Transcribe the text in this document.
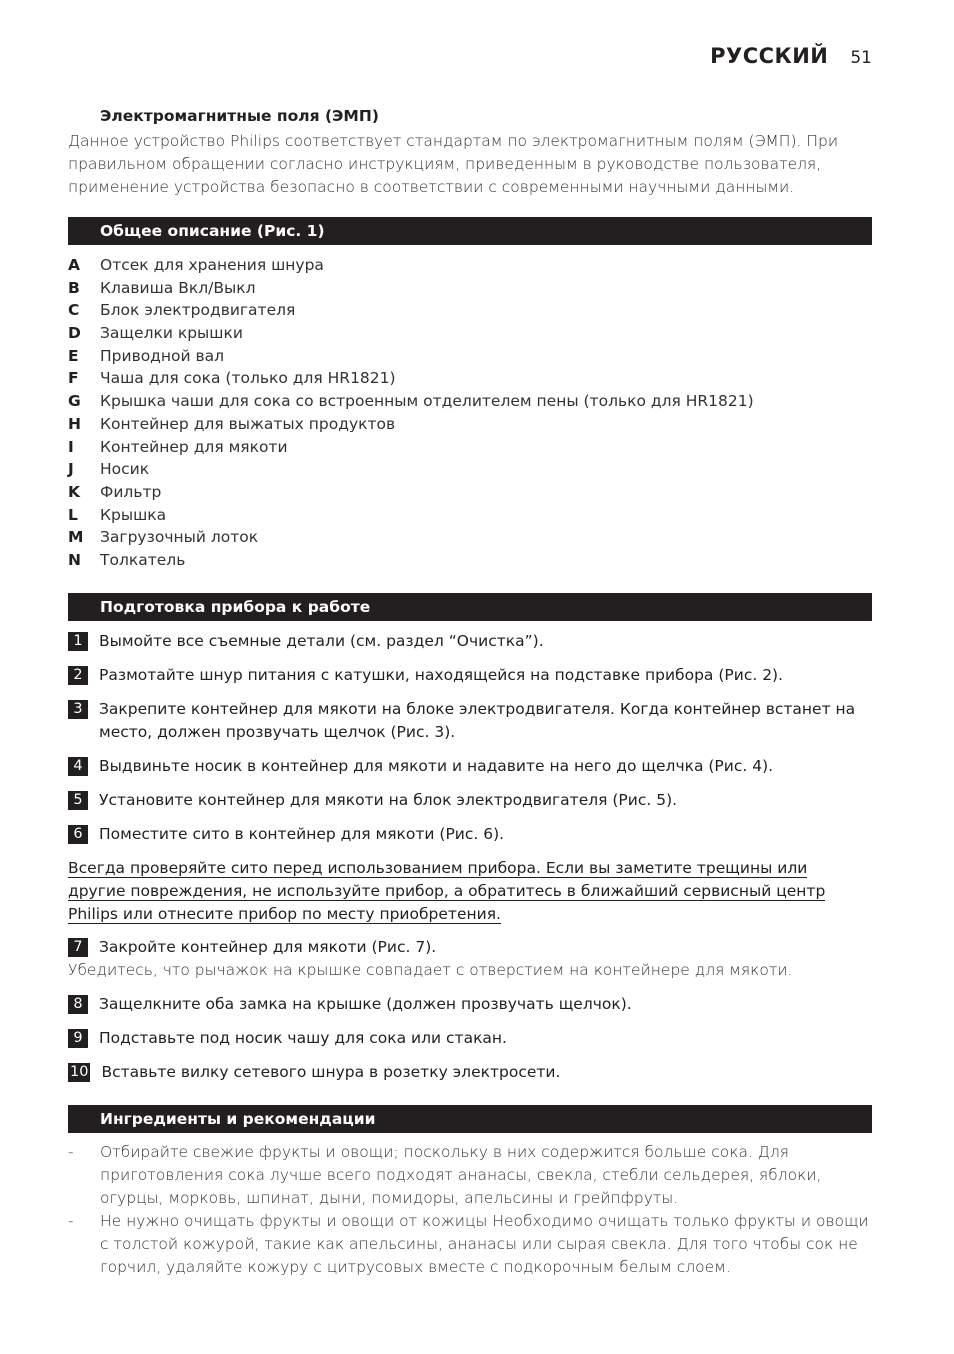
РУССКИЙ 51
Электромагнитные поля (ЭМП)
Данное устройство Philips соответствует стандартам по электромагнитным полям (ЭМП). При правильном обращении согласно инструкциям, приведенным в руководстве пользователя, применение устройства безопасно в соответствии с современными научными данными.
Общее описание (Рис. 1)
A	Отсек для хранения шнура
B	Клавиша Вкл/Выкл
C	Блок электродвигателя
D	Защелки крышки
E	Приводной вал
F	Чаша для сока (только для HR1821)
G	Крышка чаши для сока со встроенным отделителем пены (только для HR1821)
H	Контейнер для выжатых продуктов
I	Контейнер для мякоти
J	Носик
K	Фильтр
L	Крышка
M	Загрузочный лоток
N	Толкатель
Подготовка прибора к работе
1	Вымойте все съемные детали (см. раздел “Очистка”).
2	Размотайте шнур питания с катушки, находящейся на подставке прибора (Рис. 2).
3	Закрепите контейнер для мякоти на блоке электродвигателя. Когда контейнер встанет на место, должен прозвучать щелчок (Рис. 3).
4	Выдвиньте носик в контейнер для мякоти и надавите на него до щелчка (Рис. 4).
5	Установите контейнер для мякоти на блок электродвигателя (Рис. 5).
6	Поместите сито в контейнер для мякоти (Рис. 6).
Всегда проверяйте сито перед использованием прибора. Если вы заметите трещины или другие повреждения, не используйте прибор, а обратитесь в ближайший сервисный центр Philips или отнесите прибор по месту приобретения.
7	Закройте контейнер для мякоти (Рис. 7).
Убедитесь, что рычажок на крышке совпадает с отверстием на контейнере для мякоти.
8	Защелкните оба замка на крышке (должен прозвучать щелчок).
9	Подставьте под носик чашу для сока или стакан.
10 Вставьте вилку сетевого шнура в розетку электросети.
Ингредиенты и рекомендации
-	Отбирайте свежие фрукты и овощи; поскольку в них содержится больше сока. Для приготовления сока лучше всего подходят ананасы, свекла, стебли сельдерея, яблоки, огурцы, морковь, шпинат, дыни, помидоры, апельсины и грейпфруты.
-	Не нужно очищать фрукты и овощи от кожицы Необходимо очищать только фрукты и овощи с толстой кожурой, такие как апельсины, ананасы или сырая свекла. Для того чтобы сок не горчил, удаляйте кожуру с цитрусовых вместе с подкорочным белым слоем.
